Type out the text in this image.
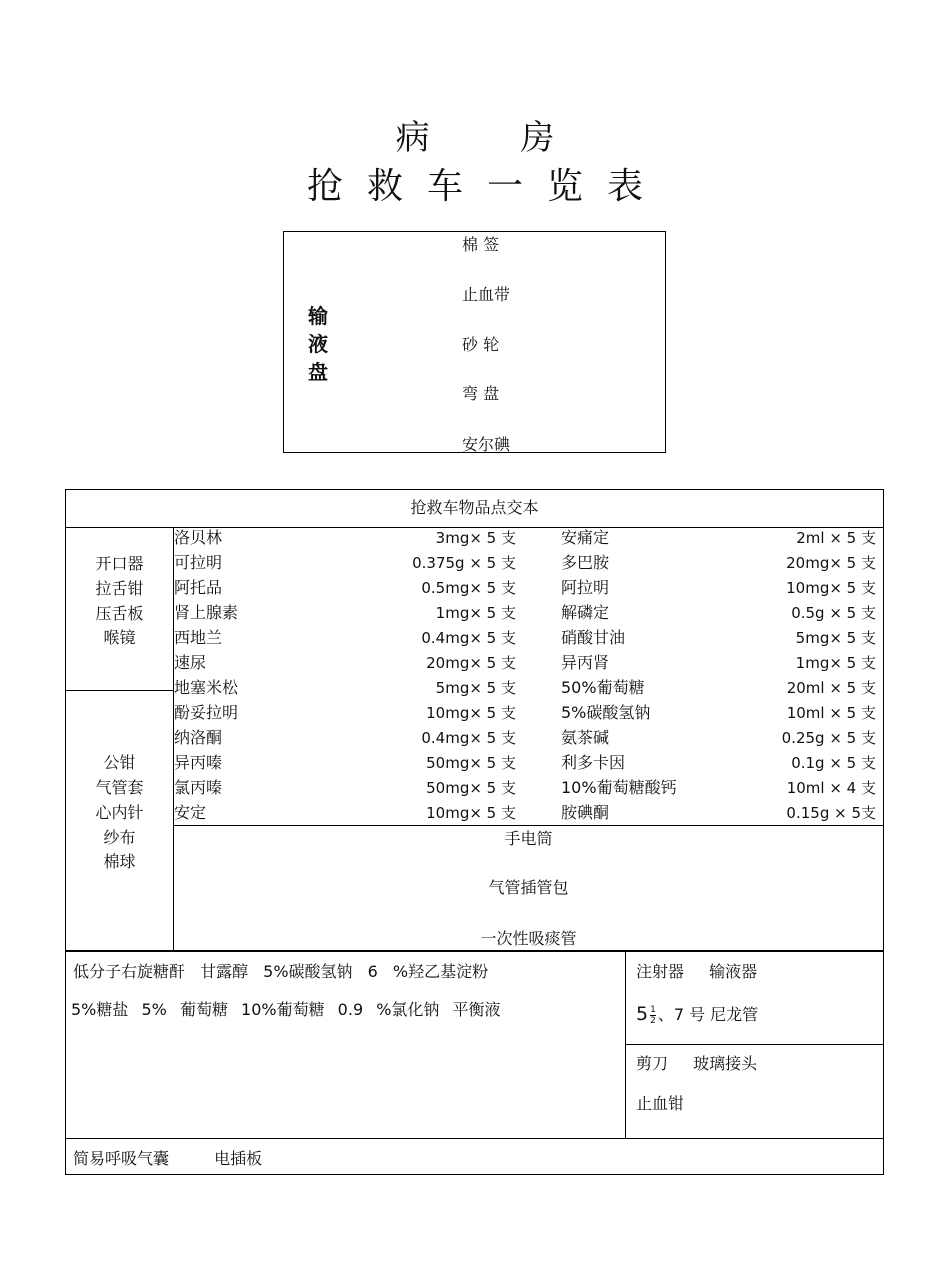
病 房
抢救车一览表
输液盘
棉 签
止血带
砂 轮
弯 盘
安尔碘
抢救车物品点交本
开口器
拉舌钳
压舌板
喉镜
公钳
气管套
心内针
纱布
棉球
洛贝林	3mg× 5 支	安痛定	2ml × 5 支
可拉明	0.375g × 5 支	多巴胺	20mg× 5 支
阿托品	0.5mg× 5 支	阿拉明	10mg× 5 支
肾上腺素	1mg× 5 支	解磷定	0.5g × 5 支
西地兰	0.4mg× 5 支	硝酸甘油	5mg× 5 支
速尿	20mg× 5 支	异丙肾	1mg× 5 支
地塞米松	5mg× 5 支	50%葡萄糖	20ml × 5 支
酚妥拉明	10mg× 5 支	5%碳酸氢钠	10ml × 5 支
纳洛酮	0.4mg× 5 支	氨茶碱	0.25g × 5 支
异丙嗪	50mg× 5 支	利多卡因	0.1g × 5 支
氯丙嗪	50mg× 5 支	10%葡萄糖酸钙	10ml × 4 支
安定	10mg× 5 支	胺碘酮	0.15g × 5支
手电筒
气管插管包
一次性吸痰管
低分子右旋糖酐 甘露醇 5%碳酸氢钠 6 %羟乙基淀粉
5%糖盐 5% 葡萄糖 10%葡萄糖 0.9 %氯化钠 平衡液
注射器 输液器
$5 \frac{1}{2}$ 、7 号 尼龙管
剪刀 玻璃接头
止血钳
简易呼吸气囊 电插板
